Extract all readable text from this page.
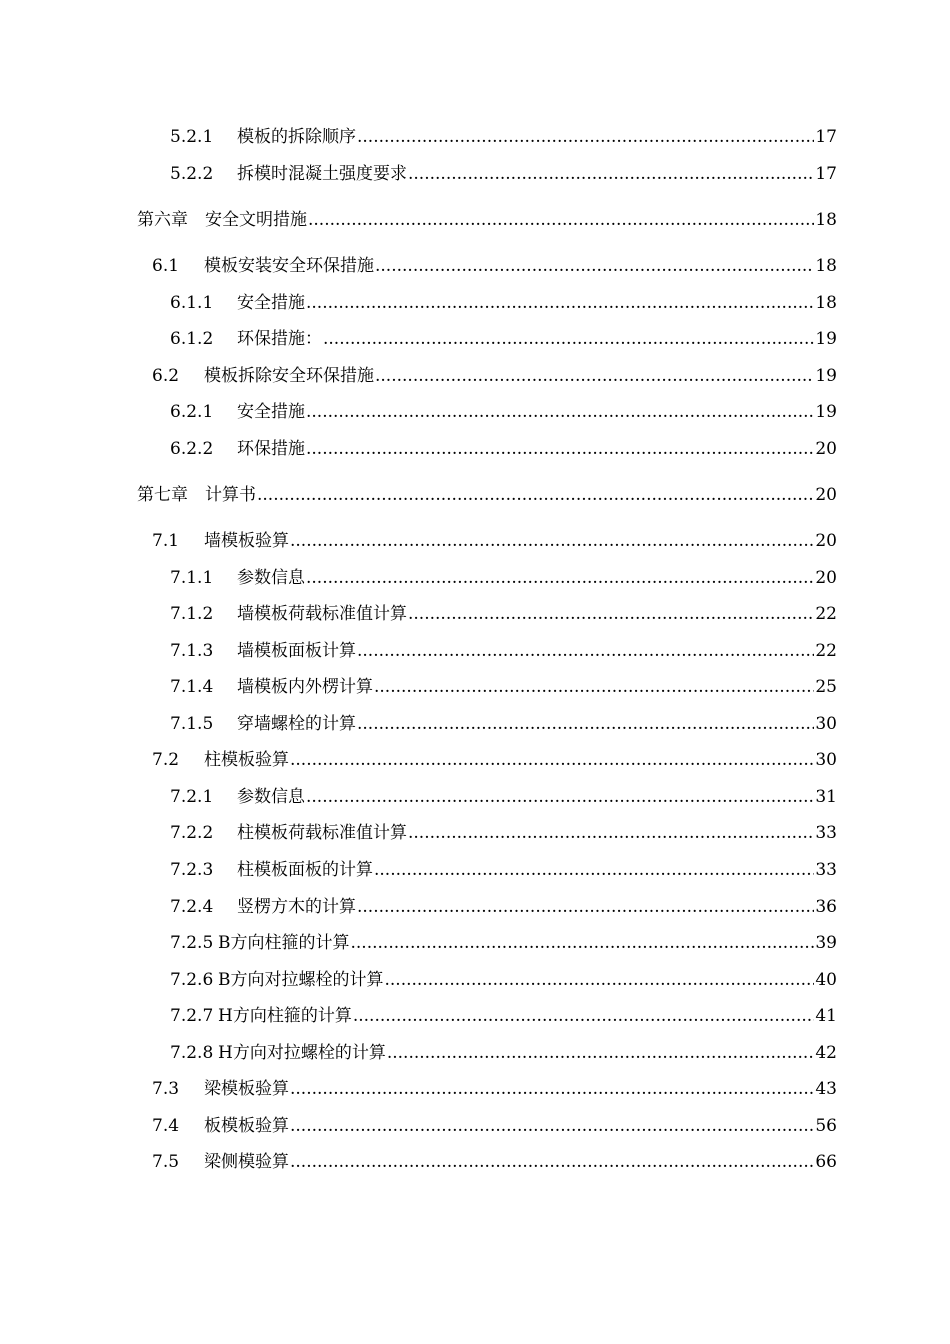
5.2.1	模板的拆除顺序 .....	17
5.2.2	拆模时混凝土强度要求 .....	17
第六章	安全文明措施 .....	18
6.1	模板安装安全环保措施 .....	18
6.1.1	安全措施 .....	18
6.1.2	环保措施： .....	19
6.2	模板拆除安全环保措施 .....	19
6.2.1	安全措施 .....	19
6.2.2	环保措施 .....	20
第七章	计算书 .....	20
7.1	墙模板验算 .....	20
7.1.1	参数信息 .....	20
7.1.2	墙模板荷载标准值计算 .....	22
7.1.3	墙模板面板计算 .....	22
7.1.4	墙模板内外楞计算 .....	25
7.1.5	穿墙螺栓的计算 .....	30
7.2	柱模板验算 .....	30
7.2.1	参数信息 .....	31
7.2.2	柱模板荷载标准值计算 .....	33
7.2.3	柱模板面板的计算 .....	33
7.2.4	竖楞方木的计算 .....	36
7.2.5 B方向柱箍的计算 .....	39
7.2.6 B方向对拉螺栓的计算 .....	40
7.2.7 H方向柱箍的计算 .....	41
7.2.8 H方向对拉螺栓的计算 .....	42
7.3	梁模板验算 .....	43
7.4	板模板验算 .....	56
7.5	梁侧模验算 .....	66
